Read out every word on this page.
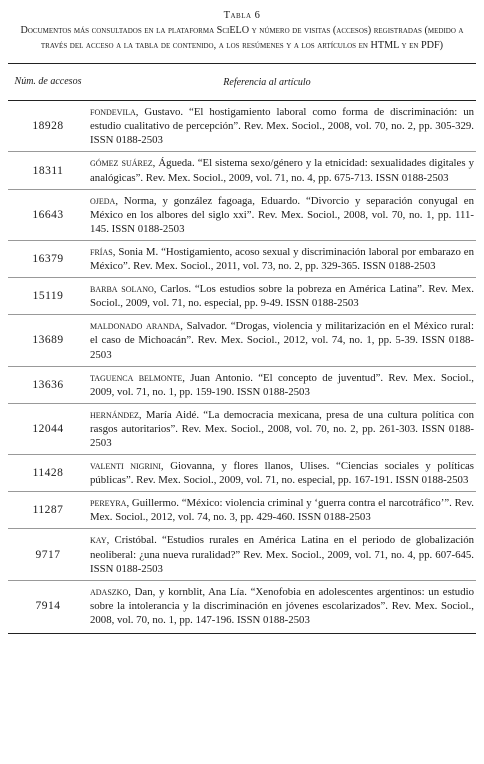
Tabla 6
Documentos más consultados en la plataforma SciELO y número de visitas (accesos) registradas (medido a través del acceso a la tabla de contenido, a los resúmenes y a los artículos en HTML y en PDF)
Núm. de accesos	Referencia al artículo
18928
fondevila, Gustavo. “El hostigamiento laboral como forma de discriminación: un estudio cualitativo de percepción”. Rev. Mex. Sociol., 2008, vol. 70, no. 2, pp. 305-329. ISSN 0188-2503
18311
gómez suárez, Águeda. “El sistema sexo/género y la etnicidad: sexualidades digitales y analógicas”. Rev. Mex. Sociol., 2009, vol. 71, no. 4, pp. 675-713. ISSN 0188-2503
16643
ojeda, Norma, y gonzález fagoaga, Eduardo. “Divorcio y separación conyugal en México en los albores del siglo xxi”. Rev. Mex. Sociol., 2008, vol. 70, no. 1, pp. 111-145. ISSN 0188-2503
16379
frías, Sonia M. “Hostigamiento, acoso sexual y discriminación laboral por embarazo en México”. Rev. Mex. Sociol., 2011, vol. 73, no. 2, pp. 329-365. ISSN 0188-2503
15119
barba solano, Carlos. “Los estudios sobre la pobreza en América Latina”. Rev. Mex. Sociol., 2009, vol. 71, no. especial, pp. 9-49. ISSN 0188-2503
13689
maldonado aranda, Salvador. “Drogas, violencia y militarización en el México rural: el caso de Michoacán”. Rev. Mex. Sociol., 2012, vol. 74, no. 1, pp. 5-39. ISSN 0188-2503
13636
taguenca belmonte, Juan Antonio. “El concepto de juventud”. Rev. Mex. Sociol., 2009, vol. 71, no. 1, pp. 159-190. ISSN 0188-2503
12044
hernández, María Aidé. “La democracia mexicana, presa de una cultura política con rasgos autoritarios”. Rev. Mex. Sociol., 2008, vol. 70, no. 2, pp. 261-303. ISSN 0188-2503
11428
valenti nigrini, Giovanna, y flores llanos, Ulises. “Ciencias sociales y políticas públicas”. Rev. Mex. Sociol., 2009, vol. 71, no. especial, pp. 167-191. ISSN 0188-2503
11287
pereyra, Guillermo. “México: violencia criminal y ‘guerra contra el narcotráfico’”. Rev. Mex. Sociol., 2012, vol. 74, no. 3, pp. 429-460. ISSN 0188-2503
9717
kay, Cristóbal. “Estudios rurales en América Latina en el periodo de globalización neoliberal: ¿una nueva ruralidad?” Rev. Mex. Sociol., 2009, vol. 71, no. 4, pp. 607-645. ISSN 0188-2503
7914
adaszko, Dan, y kornblit, Ana Lía. “Xenofobia en adolescentes argentinos: un estudio sobre la intolerancia y la discriminación en jóvenes escolarizados”. Rev. Mex. Sociol., 2008, vol. 70, no. 1, pp. 147-196. ISSN 0188-2503
